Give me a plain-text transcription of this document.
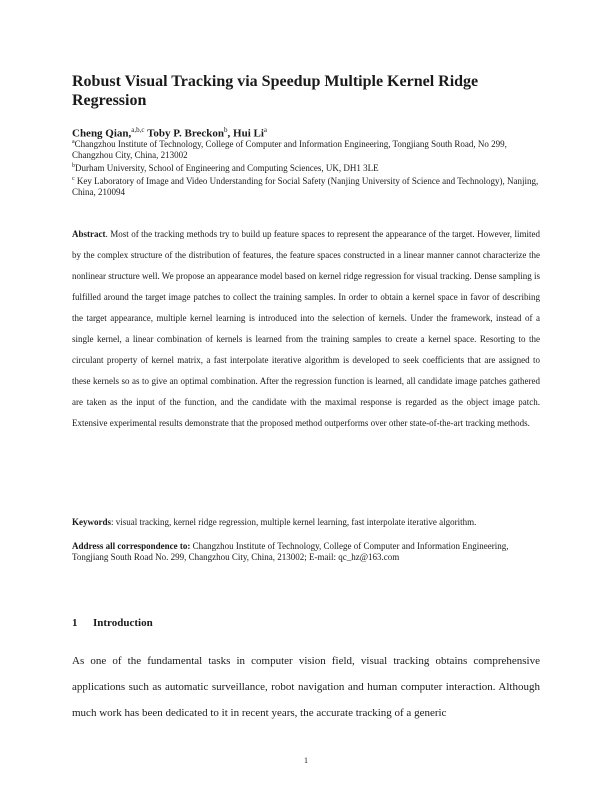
Robust Visual Tracking via Speedup Multiple Kernel Ridge Regression
Cheng Qian,$^{a,b,c}$ Toby P. Breckon$^b$, Hui Li$^a$

$^a$Changzhou Institute of Technology, College of Computer and Information Engineering, Tongjiang South Road, No 299, Changzhou City, China, 213002

$^b$Durham University, School of Engineering and Computing Sciences, UK, DH1 3LE

$^c$ Key Laboratory of Image and Video Understanding for Social Safety (Nanjing University of Science and Technology), Nanjing, China, 210094

Abstract. Most of the tracking methods try to build up feature spaces to represent the appearance of the target. However, limited by the complex structure of the distribution of features, the feature spaces constructed in a linear manner cannot characterize the nonlinear structure well. We propose an appearance model based on kernel ridge regression for visual tracking. Dense sampling is fulfilled around the target image patches to collect the training samples. In order to obtain a kernel space in favor of describing the target appearance, multiple kernel learning is introduced into the selection of kernels. Under the framework, instead of a single kernel, a linear combination of kernels is learned from the training samples to create a kernel space. Resorting to the circulant property of kernel matrix, a fast interpolate iterative algorithm is developed to seek coefficients that are assigned to these kernels so as to give an optimal combination. After the regression function is learned, all candidate image patches gathered are taken as the input of the function, and the candidate with the maximal response is regarded as the object image patch. Extensive experimental results demonstrate that the proposed method outperforms over other state-of-the-art tracking methods.
Keywords: visual tracking, kernel ridge regression, multiple kernel learning, fast interpolate iterative algorithm.
Address all correspondence to: Changzhou Institute of Technology, College of Computer and Information Engineering, Tongjiang South Road No. 299, Changzhou City, China, 213002; E-mail: qc_hz@163.com
1 Introduction
As one of the fundamental tasks in computer vision field, visual tracking obtains comprehensive applications such as automatic surveillance, robot navigation and human computer interaction. Although much work has been dedicated to it in recent years, the accurate tracking of a generic
1
